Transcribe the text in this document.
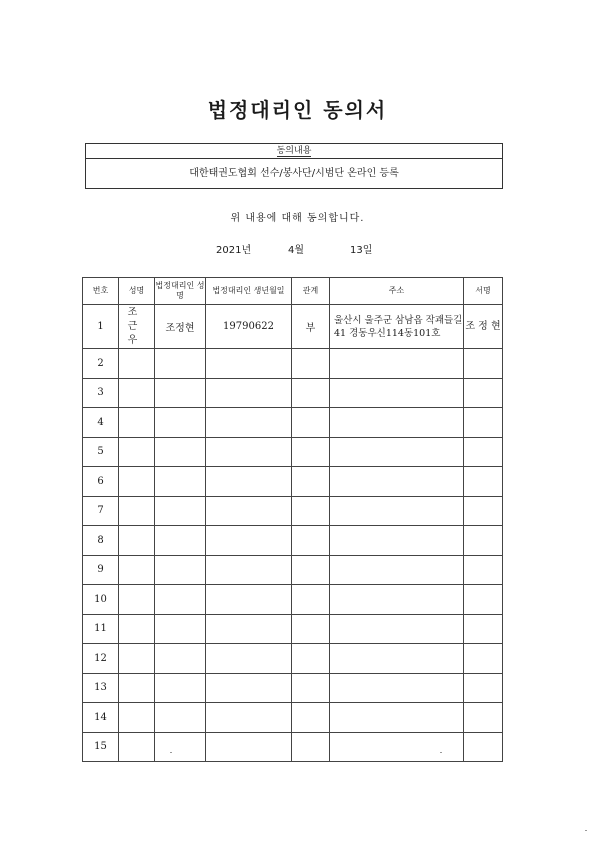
법정대리인 동의서
동의내용
대한태권도협회 선수/봉사단/시범단 온라인 등록
위 내용에 대해 동의합니다.
2021년	4월	13일
번호	성명	법정대리인 성명	법정대리인 생년월일	관계	주소	서명
1	조 근 우	조정현	19790622	부	울산시 울주군 삼남읍 작괘들길41 경동우신114동101호	조 정 현
2						
3						
4						
5						
6						
7						
8						
9						
10						
11						
12						
13						
14						
15						
